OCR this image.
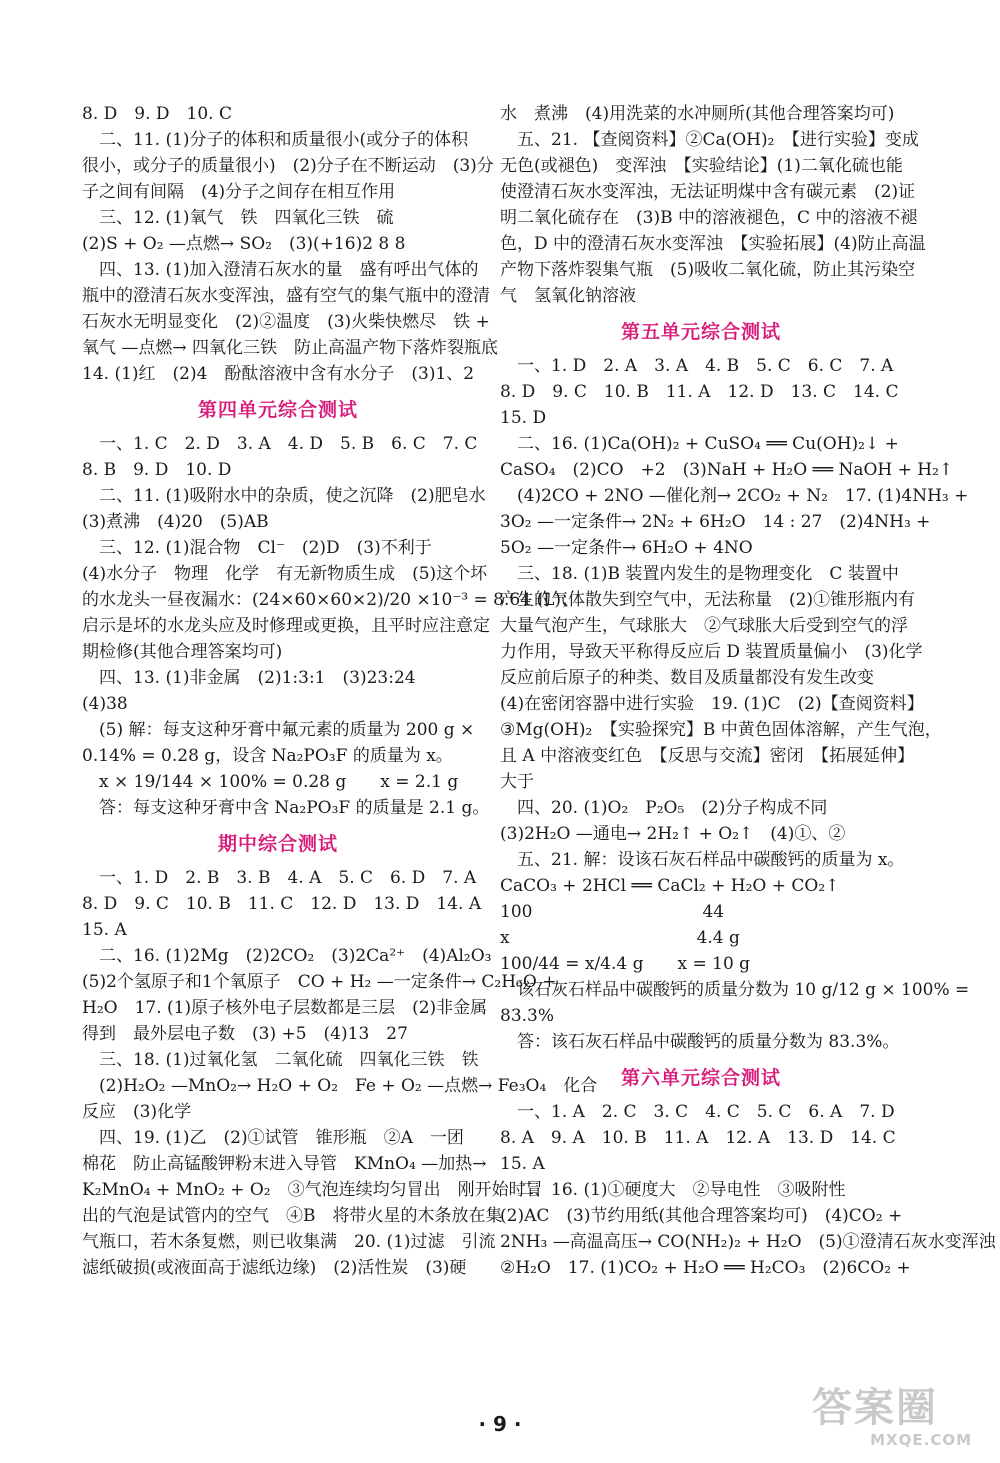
8. D　9. D　10. C
　二、11. (1)分子的体积和质量很小(或分子的体积
很小，或分子的质量很小)　(2)分子在不断运动　(3)分
子之间有间隔　(4)分子之间存在相互作用
　三、12. (1)氧气　铁　四氧化三铁　硫
(2)S + O₂ —点燃→ SO₂　(3)(+16)2 8 8
　四、13. (1)加入澄清石灰水的量　盛有呼出气体的
瓶中的澄清石灰水变浑浊，盛有空气的集气瓶中的澄清
石灰水无明显变化　(2)②温度　(3)火柴快燃尽　铁 +
氧气 —点燃→ 四氧化三铁　防止高温产物下落炸裂瓶底
14. (1)红　(2)4　酚酞溶液中含有水分子　(3)1、2
第四单元综合测试
　一、1. C　2. D　3. A　4. D　5. B　6. C　7. C
8. B　9. D　10. D
　二、11. (1)吸附水中的杂质，使之沉降　(2)肥皂水
(3)煮沸　(4)20　(5)AB
　三、12. (1)混合物　Cl⁻　(2)D　(3)不利于
(4)水分子　物理　化学　有无新物质生成　(5)这个坏
的水龙头一昼夜漏水：(24×60×60×2)/20 ×10⁻³ = 8.64 (L)；
启示是坏的水龙头应及时修理或更换，且平时应注意定
期检修(其他合理答案均可)
　四、13. (1)非金属　(2)1:3:1　(3)23:24
(4)38
　(5) 解：每支这种牙膏中氟元素的质量为 200 g ×
0.14% = 0.28 g，设含 Na₂PO₃F 的质量为 x。
　x × 19/144 × 100% = 0.28 g　　x = 2.1 g
　答：每支这种牙膏中含 Na₂PO₃F 的质量是 2.1 g。
期中综合测试
　一、1. D　2. B　3. B　4. A　5. C　6. D　7. A
8. D　9. C　10. B　11. C　12. D　13. D　14. A
15. A
　二、16. (1)2Mg　(2)2CO₂　(3)2Ca²⁺　(4)Al₂O₃
(5)2个氢原子和1个氧原子　CO + H₂ —一定条件→ C₂H₆O +
H₂O　17. (1)原子核外电子层数都是三层　(2)非金属
得到　最外层电子数　(3) +5　(4)13　27
　三、18. (1)过氧化氢　二氧化硫　四氧化三铁　铁
　(2)H₂O₂ —MnO₂→ H₂O + O₂　Fe + O₂ —点燃→ Fe₃O₄　化合
反应　(3)化学
　四、19. (1)乙　(2)①试管　锥形瓶　②A　一团
棉花　防止高锰酸钾粉末进入导管　KMnO₄ —加热→
K₂MnO₄ + MnO₂ + O₂　③气泡连续均匀冒出　刚开始时冒
出的气泡是试管内的空气　④B　将带火星的木条放在集
气瓶口，若木条复燃，则已收集满　20. (1)过滤　引流
滤纸破损(或液面高于滤纸边缘)　(2)活性炭　(3)硬
水　煮沸　(4)用洗菜的水冲厕所(其他合理答案均可)
　五、21. 【查阅资料】②Ca(OH)₂　【进行实验】变成
无色(或褪色)　变浑浊　【实验结论】(1)二氧化硫也能
使澄清石灰水变浑浊，无法证明煤中含有碳元素　(2)证
明二氧化硫存在　(3)B 中的溶液褪色，C 中的溶液不褪
色，D 中的澄清石灰水变浑浊　【实验拓展】(4)防止高温
产物下落炸裂集气瓶　(5)吸收二氧化硫，防止其污染空
气　氢氧化钠溶液
第五单元综合测试
　一、1. D　2. A　3. A　4. B　5. C　6. C　7. A
8. D　9. C　10. B　11. A　12. D　13. C　14. C
15. D
　二、16. (1)Ca(OH)₂ + CuSO₄ ══ Cu(OH)₂↓ +
CaSO₄　(2)CO　+2　(3)NaH + H₂O ══ NaOH + H₂↑
　(4)2CO + 2NO —催化剂→ 2CO₂ + N₂　17. (1)4NH₃ +
3O₂ —一定条件→ 2N₂ + 6H₂O　14 : 27　(2)4NH₃ +
5O₂ —一定条件→ 6H₂O + 4NO
　三、18. (1)B 装置内发生的是物理变化　C 装置中
产生的气体散失到空气中，无法称量　(2)①锥形瓶内有
大量气泡产生，气球胀大　②气球胀大后受到空气的浮
力作用，导致天平称得反应后 D 装置质量偏小　(3)化学
反应前后原子的种类、数目及质量都没有发生改变
(4)在密闭容器中进行实验　19. (1)C　(2)【查阅资料】
③Mg(OH)₂　【实验探究】B 中黄色固体溶解，产生气泡，
且 A 中溶液变红色　【反思与交流】密闭　【拓展延伸】
大于
　四、20. (1)O₂　P₂O₅　(2)分子构成不同
(3)2H₂O —通电→ 2H₂↑ + O₂↑　(4)①、②
　五、21. 解：设该石灰石样品中碳酸钙的质量为 x。
CaCO₃ + 2HCl ══ CaCl₂ + H₂O + CO₂↑
100　　　　　　　　　　44
x　　　　　　　　　　　4.4 g
100/44 = x/4.4 g　　x = 10 g
　该石灰石样品中碳酸钙的质量分数为 10 g/12 g × 100% =
83.3%
　答：该石灰石样品中碳酸钙的质量分数为 83.3%。
第六单元综合测试
　一、1. A　2. C　3. C　4. C　5. C　6. A　7. D
8. A　9. A　10. B　11. A　12. A　13. D　14. C
15. A
　二、16. (1)①硬度大　②导电性　③吸附性
(2)AC　(3)节约用纸(其他合理答案均可)　(4)CO₂ +
2NH₃ —高温高压→ CO(NH₂)₂ + H₂O　(5)①澄清石灰水变浑浊
②H₂O　17. (1)CO₂ + H₂O ══ H₂CO₃　(2)6CO₂ +
· 9 ·	答案圈
MXQE.COM
